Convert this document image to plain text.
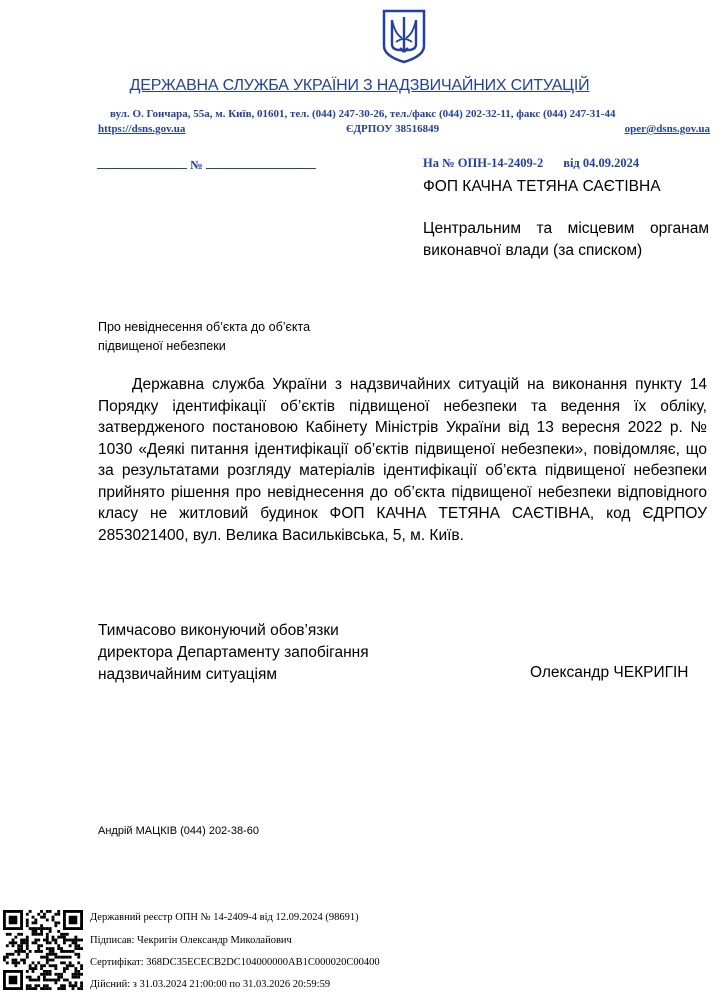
ДЕРЖАВНА СЛУЖБА УКРАЇНИ З НАДЗВИЧАЙНИХ СИТУАЦІЙ
вул. О. Гончара, 55а, м. Київ, 01601, тел. (044) 247-30-26, тел./факс (044) 202-32-11, факс (044) 247-31-44
https://dsns.gov.ua	ЄДРПОУ 38516849	oper@dsns.gov.ua
№	На № ОПН-14-2409-2 від 04.09.2024
ФОП КАЧНА ТЕТЯНА САЄТІВНА
Центральним та місцевим органам виконавчої влади (за списком)
Про невіднесення об’єкта до об’єкта підвищеної небезпеки
Державна служба України з надзвичайних ситуацій на виконання пункту 14 Порядку ідентифікації об’єктів підвищеної небезпеки та ведення їх обліку, затвердженого постановою Кабінету Міністрів України від 13 вересня 2022 р. № 1030 «Деякі питання ідентифікації об’єктів підвищеної небезпеки», повідомляє, що за результатами розгляду матеріалів ідентифікації об’єкта підвищеної небезпеки прийнято рішення про невіднесення до об’єкта підвищеної небезпеки відповідного класу не житловий будинок ФОП КАЧНА ТЕТЯНА САЄТІВНА, код ЄДРПОУ 2853021400, вул. Велика Васильківська, 5, м. Київ.
Тимчасово виконуючий обов’язки
директора Департаменту запобігання
надзвичайним ситуаціям	Олександр ЧЕКРИГІН
Андрій МАЦКІВ (044) 202-38-60
Державний реєстр ОПН № 14-2409-4 від 12.09.2024 (98691)
Підписав: Чекригін Олександр Миколайович
Сертифікат: 368DC35ECECB2DC104000000AB1C000020C00400
Дійсний: з 31.03.2024 21:00:00 по 31.03.2026 20:59:59
